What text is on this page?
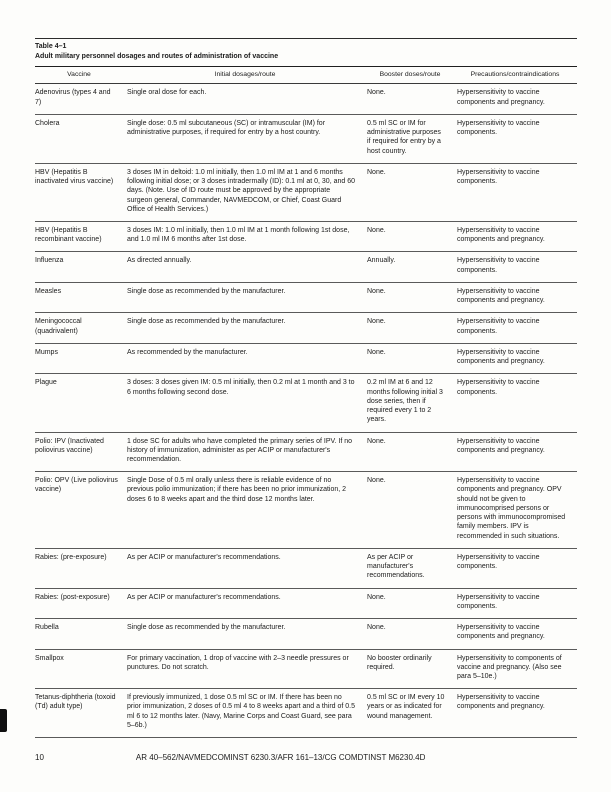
Table 4–1
Adult military personnel dosages and routes of administration of vaccine
Vaccine	Initial dosages/route	Booster doses/route	Precautions/contraindications
Adenovirus (types 4 and 7)	Single oral dose for each.	None.	Hypersensitivity to vaccine components and pregnancy.
Cholera	Single dose: 0.5 ml subcutaneous (SC) or intramuscular (IM) for administrative purposes, if required for entry by a host country.	0.5 ml SC or IM for administrative purposes if required for entry by a host country.	Hypersensitivity to vaccine components.
HBV (Hepatitis B inactivated virus vaccine)	3 doses IM in deltoid: 1.0 ml initially, then 1.0 ml IM at 1 and 6 months following initial dose; or 3 doses intradermally (ID): 0.1 ml at 0, 30, and 60 days. (Note. Use of ID route must be approved by the appropriate surgeon general, Commander, NAVMEDCOM, or Chief, Coast Guard Office of Health Services.)	None.	Hypersensitivity to vaccine components.
HBV (Hepatitis B recombinant vaccine)	3 doses IM: 1.0 ml initially, then 1.0 ml IM at 1 month following 1st dose, and 1.0 ml IM 6 months after 1st dose.	None.	Hypersensitivity to vaccine components and pregnancy.
Influenza	As directed annually.	Annually.	Hypersensitivity to vaccine components.
Measles	Single dose as recommended by the manufacturer.	None.	Hypersensitivity to vaccine components and pregnancy.
Meningococcal (quadrivalent)	Single dose as recommended by the manufacturer.	None.	Hypersensitivity to vaccine components.
Mumps	As recommended by the manufacturer.	None.	Hypersensitivity to vaccine components and pregnancy.
Plague	3 doses: 3 doses given IM: 0.5 ml initially, then 0.2 ml at 1 month and 3 to 6 months following second dose.	0.2 ml IM at 6 and 12 months following initial 3 dose series, then if required every 1 to 2 years.	Hypersensitivity to vaccine components.
Polio: IPV (Inactivated poliovirus vaccine)	1 dose SC for adults who have completed the primary series of IPV. If no history of immunization, administer as per ACIP or manufacturer's recommendation.	None.	Hypersensitivity to vaccine components and pregnancy.
Polio: OPV (Live poliovirus vaccine)	Single Dose of 0.5 ml orally unless there is reliable evidence of no previous polio immunization; if there has been no prior immunization, 2 doses 6 to 8 weeks apart and the third dose 12 months later.	None.	Hypersensitivity to vaccine components and pregnancy. OPV should not be given to immunocomprised persons or persons with immunocompromised family members. IPV is recommended in such situations.
Rabies: (pre-exposure)	As per ACIP or manufacturer's recommendations.	As per ACIP or manufacturer's recommendations.	Hypersensitivity to vaccine components.
Rabies: (post-exposure)	As per ACIP or manufacturer's recommendations.	None.	Hypersensitivity to vaccine components.
Rubella	Single dose as recommended by the manufacturer.	None.	Hypersensitivity to vaccine components and pregnancy.
Smallpox	For primary vaccination, 1 drop of vaccine with 2–3 needle pressures or punctures. Do not scratch.	No booster ordinarily required.	Hypersensitivity to components of vaccine and pregnancy. (Also see para 5–10e.)
Tetanus-diphtheria (toxoid (Td) adult type)	If previously immunized, 1 dose 0.5 ml SC or IM. If there has been no prior immunization, 2 doses of 0.5 ml 4 to 8 weeks apart and a third of 0.5 ml 6 to 12 months later. (Navy, Marine Corps and Coast Guard, see para 5–6b.)	0.5 ml SC or IM every 10 years or as indicated for wound management.	Hypersensitivity to vaccine components and pregnancy.
10	AR 40–562/NAVMEDCOMINST 6230.3/AFR 161–13/CG COMDTINST M6230.4D
